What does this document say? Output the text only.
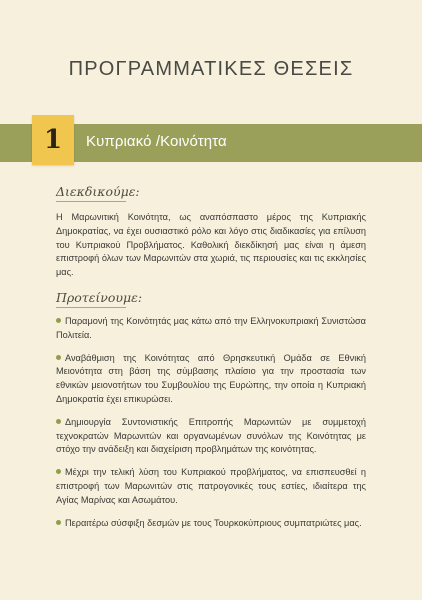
ΠΡΟΓΡΑΜΜΑΤΙΚΕΣ ΘΕΣΕΙΣ
1 Κυπριακό /Κοινότητα
Διεκδικούμε:

Η Μαρωνιτική Κοινότητα, ως αναπόσπαστο μέρος της Κυπριακής Δημοκρατίας, να έχει ουσιαστικό ρόλο και λόγο στις διαδικασίες για επίλυση του Κυπριακού Προβλήματος. Καθολική διεκδίκησή μας είναι η άμεση επιστροφή όλων των Μαρωνιτών στα χωριά, τις περιουσίες και τις εκκλησίες μας.

Προτείνουμε:
Παραμονή της Κοινότητάς μας κάτω από την Ελληνοκυπριακή Συνιστώσα Πολιτεία.
Αναβάθμιση της Κοινότητας από Θρησκευτική Ομάδα σε Εθνική Μειονότητα στη βάση της σύμβασης πλαίσιο για την προστασία των εθνικών μειονοτήτων του Συμβουλίου της Ευρώπης, την οποία η Κυπριακή Δημοκρατία έχει επικυρώσει.
Δημιουργία Συντονιστικής Επιτροπής Μαρωνιτών με συμμετοχή τεχνοκρατών Μαρωνιτών και οργανωμένων συνόλων της Κοινότητας με στόχο την ανάδειξη και διαχείριση προβλημάτων της κοινότητας.
Μέχρι την τελική λύση του Κυπριακού προβλήματος, να επισπευσθεί η επιστροφή των Μαρωνιτών στις πατρογονικές τους εστίες, ιδιαίτερα της Αγίας Μαρίνας και Ασωμάτου.
Περαιτέρω σύσφιξη δεσμών με τους Τουρκοκύπριους συμπατριώτες μας.
